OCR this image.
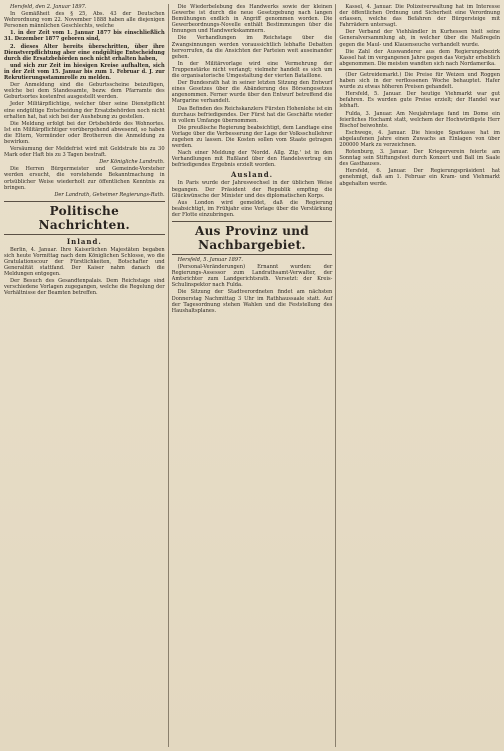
Hersfeld, den 2. Januar 1897.

In Gemäßheit des § 25, Abs. 43 der Deutschen Wehrordnung vom 22. November 1888 haben alle diejenigen Personen männlichen Geschlechts, welche

1. in der Zeit vom 1. Januar 1877 bis einschließlich 31. Dezember 1877 geboren sind,

2. dieses Alter bereits überschritten, über ihre Dienstverpflichtung aber eine endgültige Entscheidung durch die Ersatzbehörden noch nicht erhalten haben,

und sich zur Zeit im hiesigen Kreise aufhalten, sich in der Zeit vom 15. Januar bis zum 1. Februar d. J. zur Rekrutierungsstammrolle zu melden.

Der Anmeldung sind die Geburtsscheine beizufügen, welche bei dem Standesamte, bezw. dem Pfarramte des Geburtsortes kostenfrei ausgestellt werden.

Jeder Militärpflichtige, welcher über seine Dienstpflicht eine endgültige Entscheidung der Ersatzbehörden noch nicht erhalten hat, hat sich bei der Aushebung zu gestellen.

Die Meldung erfolgt bei der Ortsbehörde des Wohnortes. Ist ein Militärpflichtiger vorübergehend abwesend, so haben die Eltern, Vormünder oder Brotherren die Anmeldung zu bewirken.

Versäumung der Meldefrist wird mit Geldstrafe bis zu 30 Mark oder Haft bis zu 3 Tagen bestraft.

Der Königliche Landrath.

Die Herren Bürgermeister und Gemeinde-Vorsteher werden ersucht, die vorstehende Bekanntmachung in ortsüblicher Weise wiederholt zur öffentlichen Kenntnis zu bringen.

Der Landrath, Geheimer Regierungs-Rath.

Politische Nachrichten.
Inland.

Berlin, 4. Januar. Ihre Kaiserlichen Majestäten begaben sich heute Vormittag nach dem Königlichen Schlosse, wo die Gratulationscour der Fürstlichkeiten, Botschafter und Generalität stattfand. Der Kaiser nahm danach die Meldungen entgegen.

Der Besuch des Gesandtenpalais. Dem Reichstage sind verschiedene Vorlagen zugegangen, welche die Regelung der Verhältnisse der Beamten betreffen.

Die Wiederbelebung des Handwerks sowie der kleinen Gewerbe ist durch die neue Gesetzgebung nach langen Bemühungen endlich in Angriff genommen worden. Die Gewerbeordnungs-Novelle enthält Bestimmungen über die Innungen und Handwerkskammern.

Die Verhandlungen im Reichstage über die Zwangsinnungen werden voraussichtlich lebhafte Debatten hervorrufen, da die Ansichten der Parteien weit auseinander gehen.

In der Militärvorlage wird eine Vermehrung der Truppenstärke nicht verlangt; vielmehr handelt es sich um die organisatorische Umgestaltung der vierten Bataillone.

Der Bundesrath hat in seiner letzten Sitzung den Entwurf eines Gesetzes über die Abänderung des Börsengesetzes angenommen. Ferner wurde über den Entwurf betreffend die Margarine verhandelt.

Das Befinden des Reichskanzlers Fürsten Hohenlohe ist ein durchaus befriedigendes. Der Fürst hat die Geschäfte wieder in vollem Umfange übernommen.

Die preußische Regierung beabsichtigt, dem Landtage eine Vorlage über die Verbesserung der Lage der Volksschullehrer zugehen zu lassen. Die Kosten sollen vom Staate getragen werden.

Nach einer Meldung der 'Nordd. Allg. Ztg.' ist in den Verhandlungen mit Rußland über den Handelsvertrag ein befriedigendes Ergebnis erzielt worden.

Ausland.

In Paris wurde der Jahreswechsel in der üblichen Weise begangen. Der Präsident der Republik empfing die Glückwünsche der Minister und des diplomatischen Korps.

Aus London wird gemeldet, daß die Regierung beabsichtigt, im Frühjahr eine Vorlage über die Verstärkung der Flotte einzubringen.

Aus Provinz und Nachbargebiet.

Hersfeld, 5. Januar 1897.

(Personal-Veränderungen) Ernannt wurden: der Regierungs-Assessor zum Landrathsamt-Verwalter, der Amtsrichter zum Landgerichtsrath. Versetzt: der Kreis-Schulinspektor nach Fulda.

Die Sitzung der Stadtverordneten findet am nächsten Donnerstag Nachmittag 3 Uhr im Rathhaussaale statt. Auf der Tagesordnung stehen Wahlen und die Feststellung des Haushaltsplanes.

Kassel, 4. Januar. Die Polizeiverwaltung hat im Interesse der öffentlichen Ordnung und Sicherheit eine Verordnung erlassen, welche das Befahren der Bürgersteige mit Fahrrädern untersagt.

Der Verband der Viehhändler in Kurhessen hielt seine Generalversammlung ab, in welcher über die Maßregeln gegen die Maul- und Klauenseuche verhandelt wurde.

Die Zahl der Auswanderer aus dem Regierungsbezirk Kassel hat im vergangenen Jahre gegen das Vorjahr erheblich abgenommen. Die meisten wandten sich nach Nordamerika.

(Der Getreidemarkt.) Die Preise für Weizen und Roggen haben sich in der verflossenen Woche behauptet. Hafer wurde zu etwas höheren Preisen gehandelt.

Hersfeld, 5. Januar. Der heutige Viehmarkt war gut befahren. Es wurden gute Preise erzielt; der Handel war lebhaft.

Fulda, 3. Januar. Am Neujahrstage fand im Dome ein feierliches Hochamt statt, welchem der Hochwürdigste Herr Bischof beiwohnte.

Eschwege, 4. Januar. Die hiesige Sparkasse hat im abgelaufenen Jahre einen Zuwachs an Einlagen von über 200000 Mark zu verzeichnen.

Rotenburg, 3. Januar. Der Kriegerverein feierte am Sonntag sein Stiftungsfest durch Konzert und Ball im Saale des Gasthauses.

Hersfeld, 6. Januar. Der Regierungspräsident hat genehmigt, daß am 1. Februar ein Kram- und Viehmarkt abgehalten werde.
